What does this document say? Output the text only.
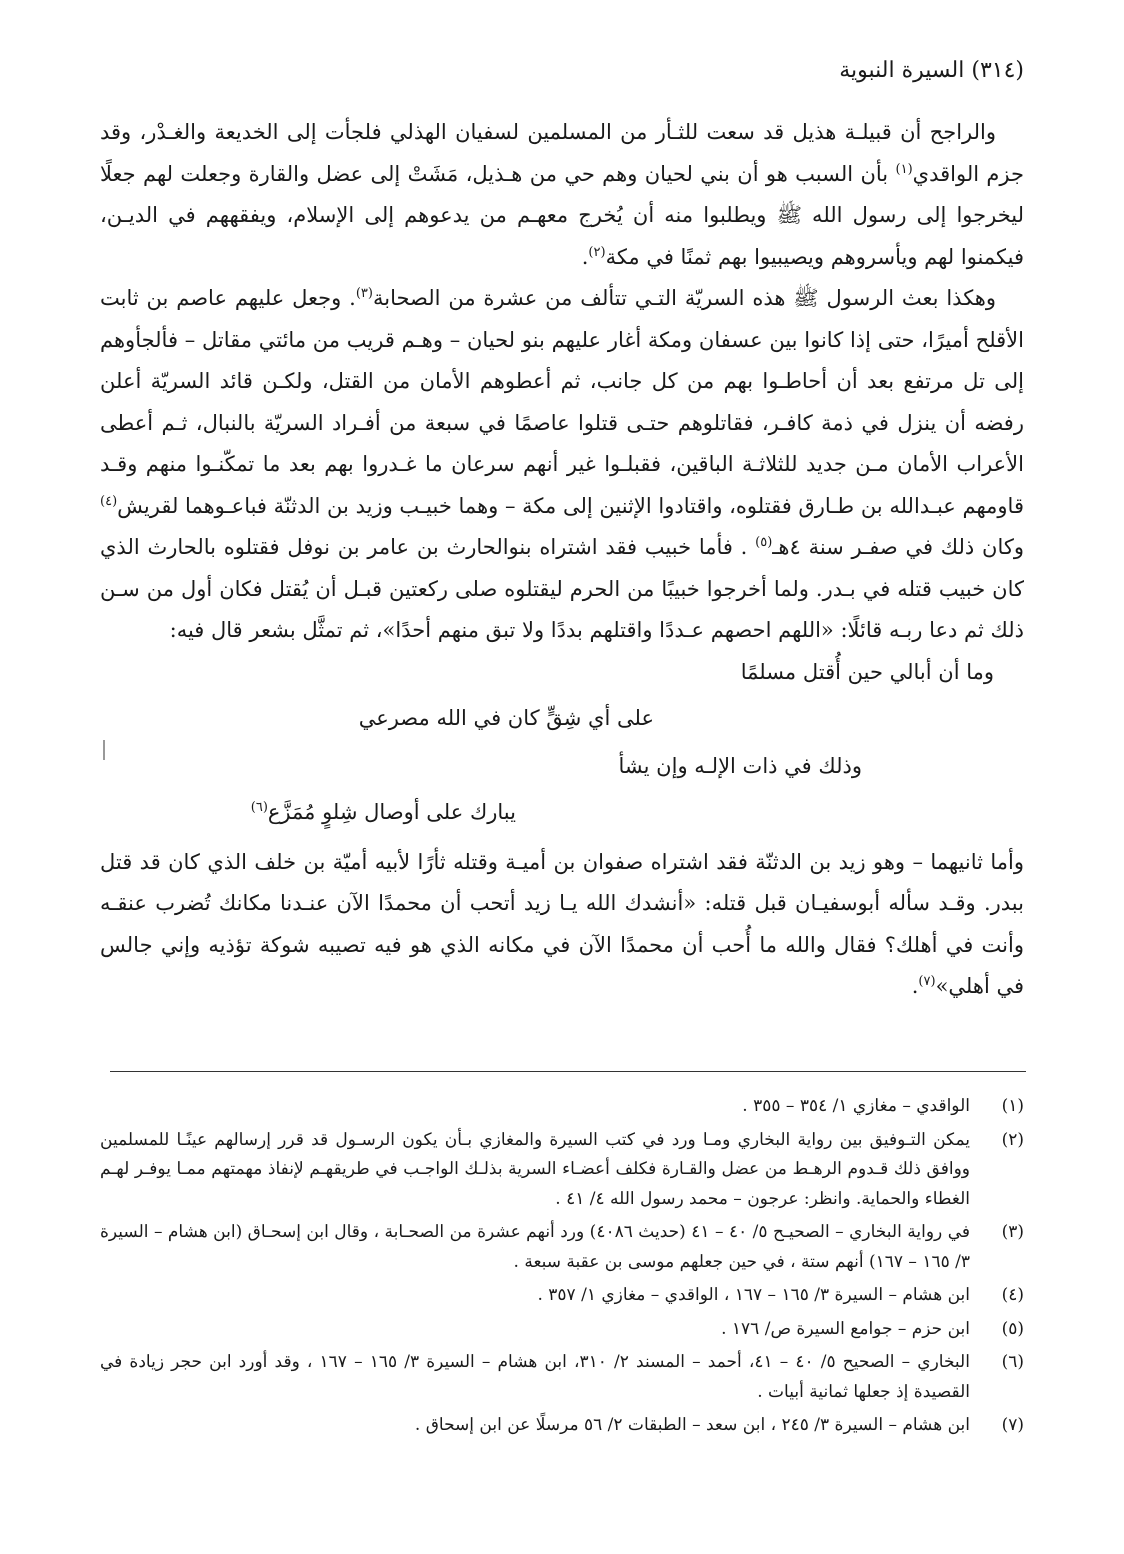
(٣١٤) السيرة النبوية

والراجح أن قبيلـة هذيل قد سعت للثـأر من المسلمين لسفيان الهذلي فلجأت إلى الخديعة والغـدْر، وقد جزم الواقدي$^{(١)}$ بأن السبب هو أن بني لحيان وهم حي من هـذيل، مَشَتْ إلى عضل والقارة وجعلت لهم جعلًا ليخرجوا إلى رسول الله ﷺ ويطلبوا منه أن يُخرج معهـم من يدعوهم إلى الإسلام، ويفقههم في الديـن، فيكمنوا لهم ويأسروهم ويصيبيوا بهم ثمنًا في مكة$^{(٢)}$.

وهكذا بعث الرسول ﷺ هذه السريّة التـي تتألف من عشرة من الصحابة$^{(٣)}$. وجعل عليهم عاصم بن ثابت الأقلح أميرًا، حتى إذا كانوا بين عسفان ومكة أغار عليهم بنو لحيان – وهـم قريب من مائتي مقاتل – فألجأوهم إلى تل مرتفع بعد أن أحاطـوا بهم من كل جانب، ثم أعطوهم الأمان من القتل، ولكـن قائد السريّة أعلن رفضه أن ينزل في ذمة كافـر، فقاتلوهم حتـى قتلوا عاصمًا في سبعة من أفـراد السريّة بالنبال، ثـم أعطى الأعراب الأمان مـن جديد للثلاثـة الباقين، فقبلـوا غير أنهم سرعان ما غـدروا بهم بعد ما تمكّنـوا منهم وقـد قاومهم عبـدالله بن طـارق فقتلوه، واقتادوا الإثنين إلى مكة – وهما خبيـب وزيد بن الدثنّة فباعـوهما لقريش$^{(٤)}$ وكان ذلك في صفـر سنة ٤هـ$^{(٥)}$ . فأما خبيب فقد اشتراه بنوالحارث بن عامر بن نوفل فقتلوه بالحارث الذي كان خبيب قتله في بـدر. ولما أخرجوا خبيبًا من الحرم ليقتلوه صلى ركعتين قبـل أن يُقتل فكان أول من سـن ذلك ثم دعا ربـه قائلًا: «اللهم احصهم عـددًا واقتلهم بددًا ولا تبق منهم أحدًا»، ثم تمثَّل بشعر قال فيه:

وما أن أبالي حين أُقتل مسلمًا
على أي شِقٍّ كان في الله مصرعي
وذلك في ذات الإلـه وإن يشأ
يبارك على أوصال شِلوٍ مُمَزَّع$^{(٦)}$

وأما ثانيهما – وهو زيد بن الدثنّة فقد اشتراه صفوان بن أميـة وقتله ثأرًا لأبيه أميّة بن خلف الذي كان قد قتل ببدر. وقـد سأله أبوسفيـان قبل قتله: «أنشدك الله يـا زيد أتحب أن محمدًا الآن عنـدنا مكانك تُضرب عنقـه وأنت في أهلك؟ فقال والله ما أُحب أن محمدًا الآن في مكانه الذي هو فيه تصيبه شوكة تؤذيه وإني جالس في أهلي»$^{(٧)}$.

(١)
الواقدي – مغازي ١/ ٣٥٤ – ٣٥٥ .
(٢)
يمكن التـوفيق بين رواية البخاري ومـا ورد في كتب السيرة والمغازي بـأن يكون الرسـول قد قرر إرسالهم عينًـا للمسلمين ووافق ذلك قـدوم الرهـط من عضل والقـارة فكلف أعضـاء السرية بذلـك الواجـب في طريقهـم لإنفاذ مهمتهم ممـا يوفـر لهـم الغطاء والحماية. وانظر: عرجون – محمد رسول الله ٤/ ٤١ .
(٣)
في رواية البخاري – الصحيـح ٥/ ٤٠ – ٤١ (حديث ٤٠٨٦) ورد أنهم عشرة من الصحـابة ، وقال ابن إسحـاق (ابن هشام – السيرة ٣/ ١٦٥ – ١٦٧) أنهم ستة ، في حين جعلهم موسى بن عقبة سبعة .
(٤)
ابن هشام – السيرة ٣/ ١٦٥ – ١٦٧ ، الواقدي – مغازي ١/ ٣٥٧ .
(٥)
ابن حزم – جوامع السيرة ص/ ١٧٦ .
(٦)
البخاري – الصحيح ٥/ ٤٠ – ٤١، أحمد – المسند ٢/ ٣١٠، ابن هشام – السيرة ٣/ ١٦٥ – ١٦٧ ، وقد أورد ابن حجر زيادة في القصيدة إذ جعلها ثمانية أبيات .
(٧)
ابن هشام – السيرة ٣/ ٢٤٥ ، ابن سعد – الطبقات ٢/ ٥٦ مرسلًا عن ابن إسحاق .
